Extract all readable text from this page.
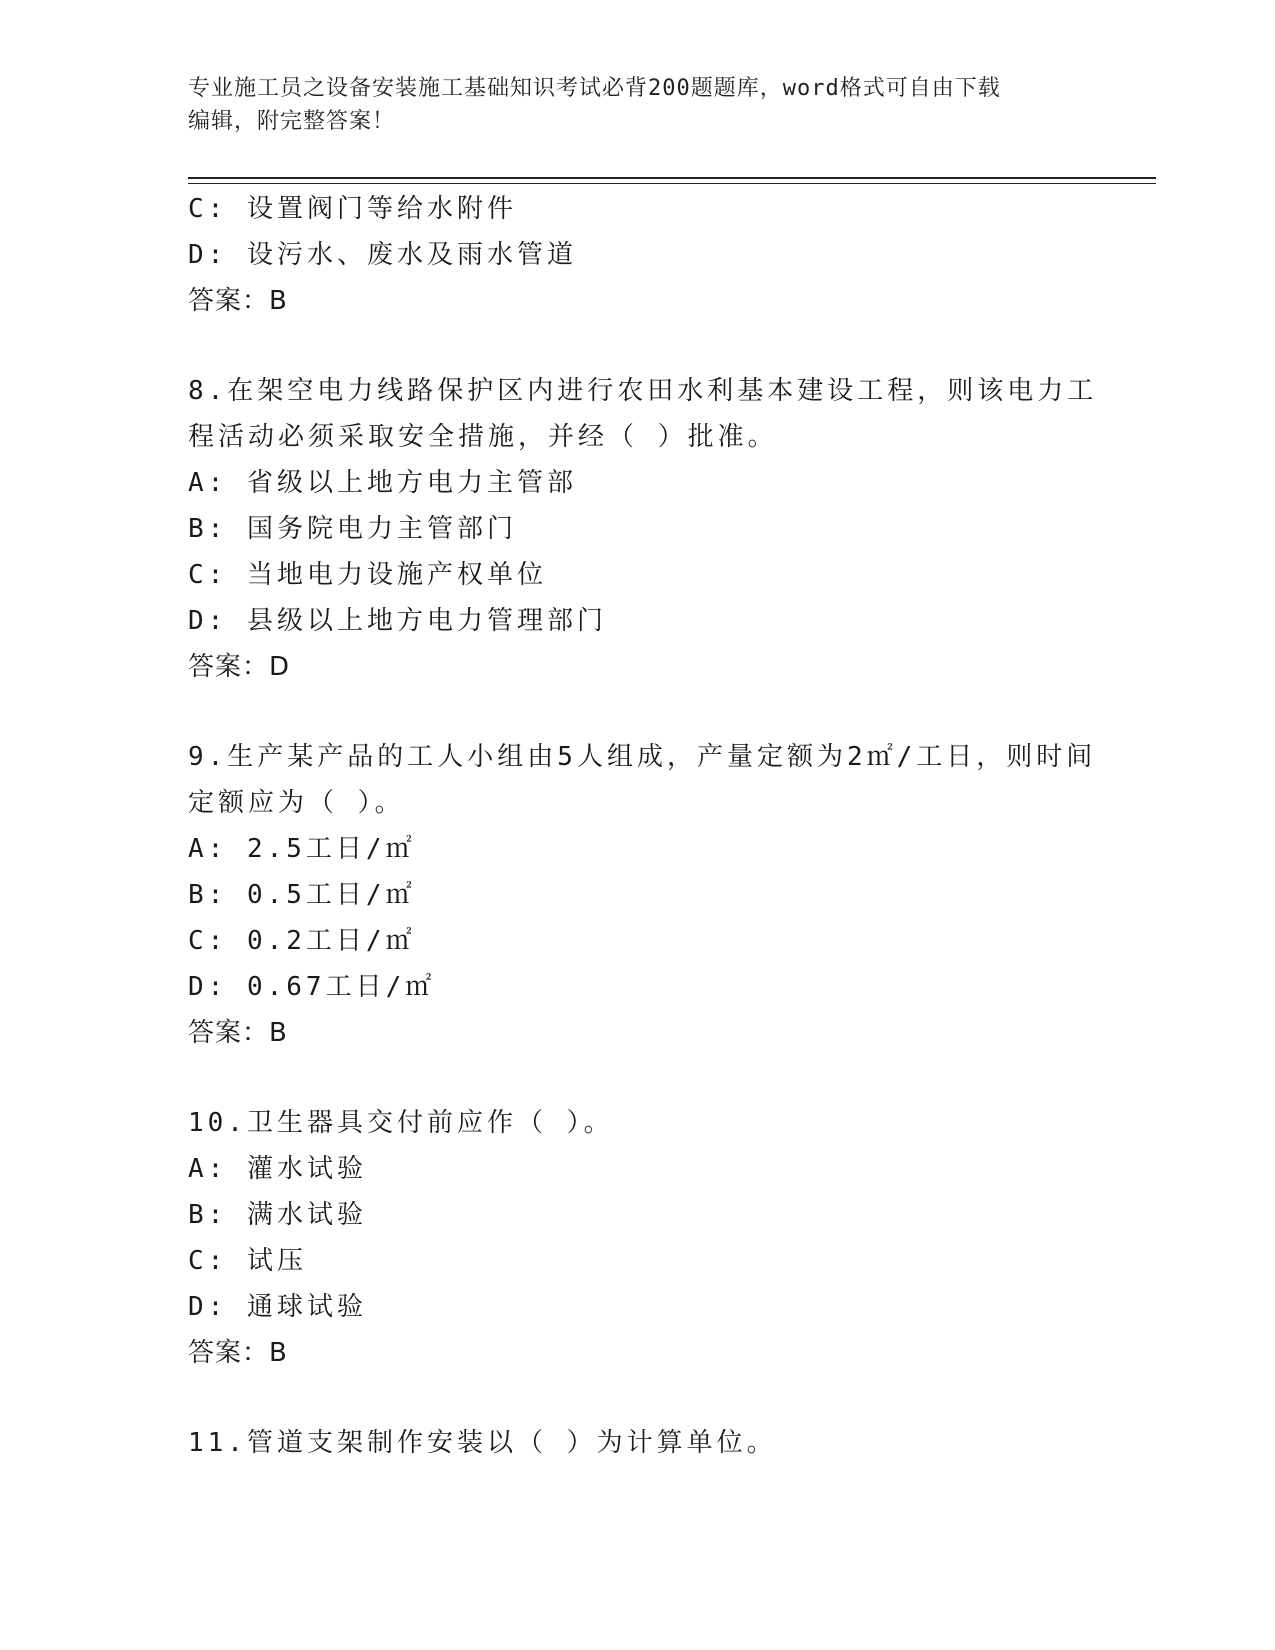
专业施工员之设备安装施工基础知识考试必背200题题库，word格式可自由下载
编辑，附完整答案！
C: 设置阀门等给水附件
D: 设污水、废水及雨水管道
答案：B
8.在架空电力线路保护区内进行农田水利基本建设工程，则该电力工
程活动必须采取安全措施，并经（ ）批准。
A: 省级以上地方电力主管部
B: 国务院电力主管部门
C: 当地电力设施产权单位
D: 县级以上地方电力管理部门
答案：D
9.生产某产品的工人小组由5人组成，产量定额为2㎡/工日，则时间
定额应为（ ）。
A: 2.5工日/㎡
B: 0.5工日/㎡
C: 0.2工日/㎡
D: 0.67工日/㎡
答案：B
10.卫生器具交付前应作（ ）。
A: 灌水试验
B: 满水试验
C: 试压
D: 通球试验
答案：B
11.管道支架制作安装以（ ）为计算单位。
